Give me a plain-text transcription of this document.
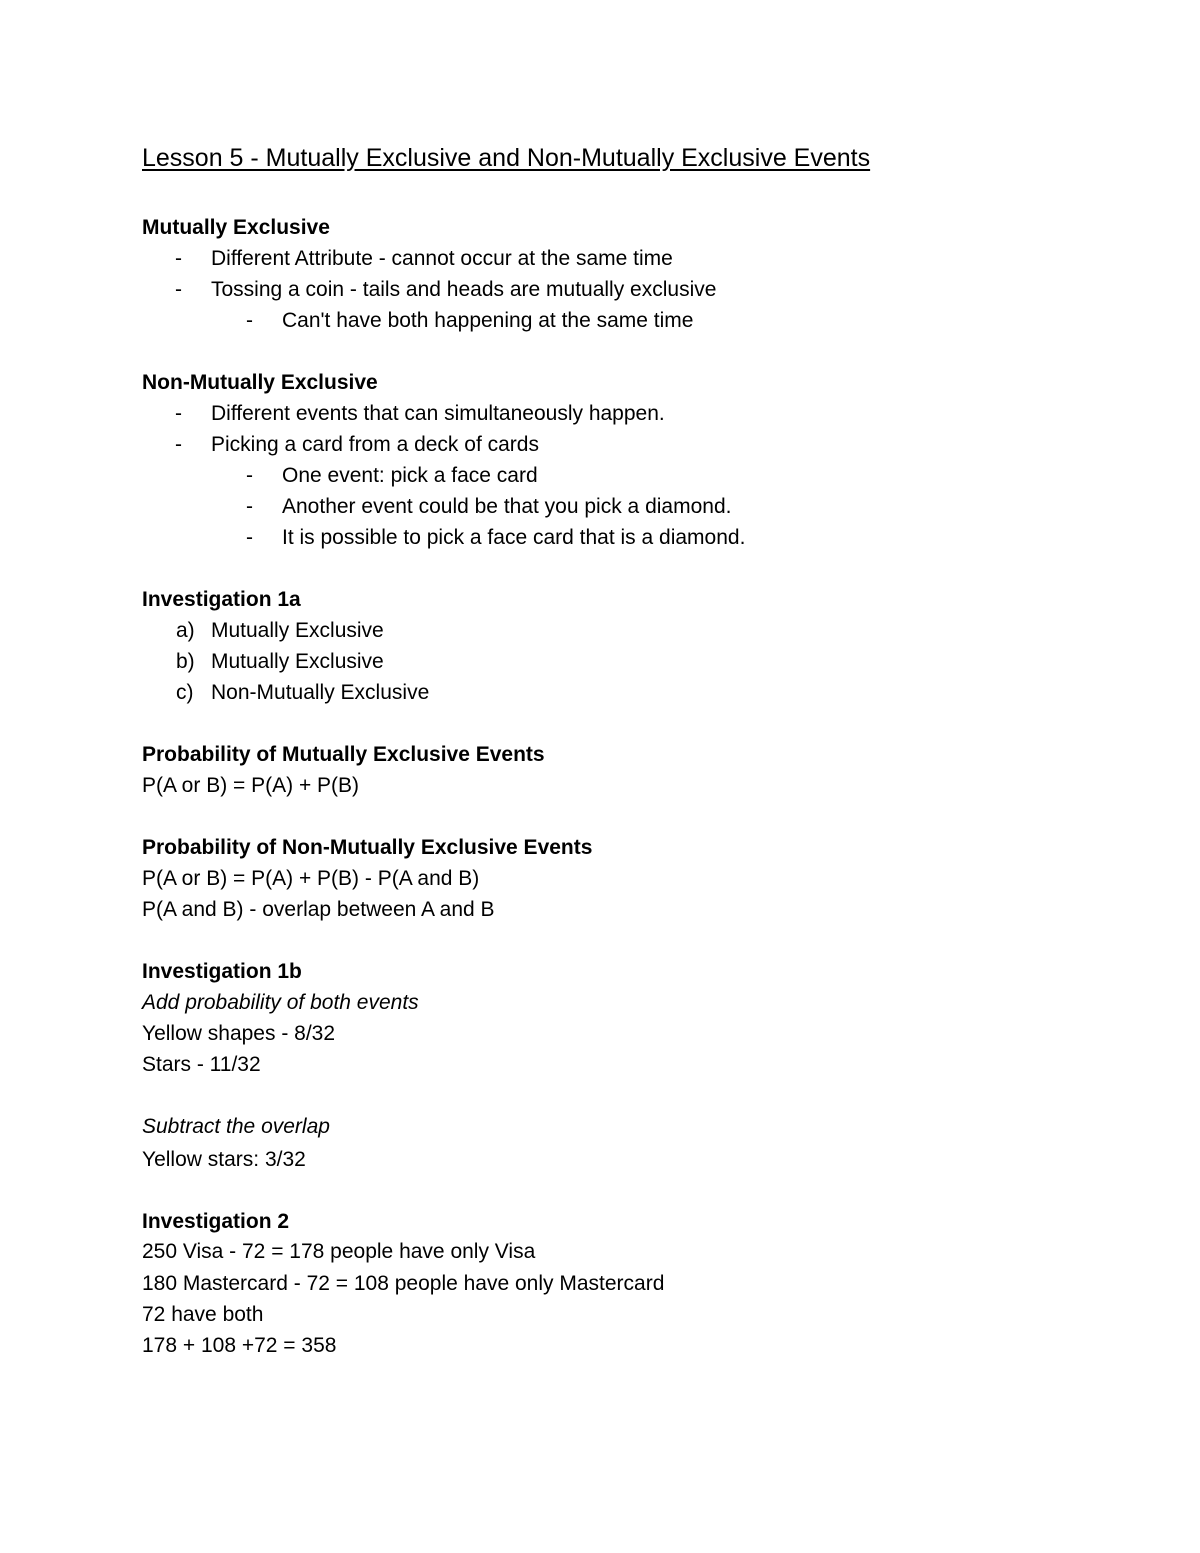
Lesson 5 - Mutually Exclusive and Non-Mutually Exclusive Events
Mutually Exclusive
- Different Attribute - cannot occur at the same time
- Tossing a coin - tails and heads are mutually exclusive
- Can't have both happening at the same time
Non-Mutually Exclusive
- Different events that can simultaneously happen.
- Picking a card from a deck of cards
- One event: pick a face card
- Another event could be that you pick a diamond.
- It is possible to pick a face card that is a diamond.
Investigation 1a
a) Mutually Exclusive
b) Mutually Exclusive
c) Non-Mutually Exclusive
Probability of Mutually Exclusive Events
P(A or B) = P(A) + P(B)
Probability of Non-Mutually Exclusive Events
P(A or B) = P(A) + P(B) - P(A and B)
P(A and B) - overlap between A and B
Investigation 1b
Add probability of both events
Yellow shapes - 8/32
Stars - 11/32
Subtract the overlap
Yellow stars: 3/32
Investigation 2
250 Visa - 72 = 178 people have only Visa
180 Mastercard - 72 = 108 people have only Mastercard
72 have both
178 + 108 +72 = 358
